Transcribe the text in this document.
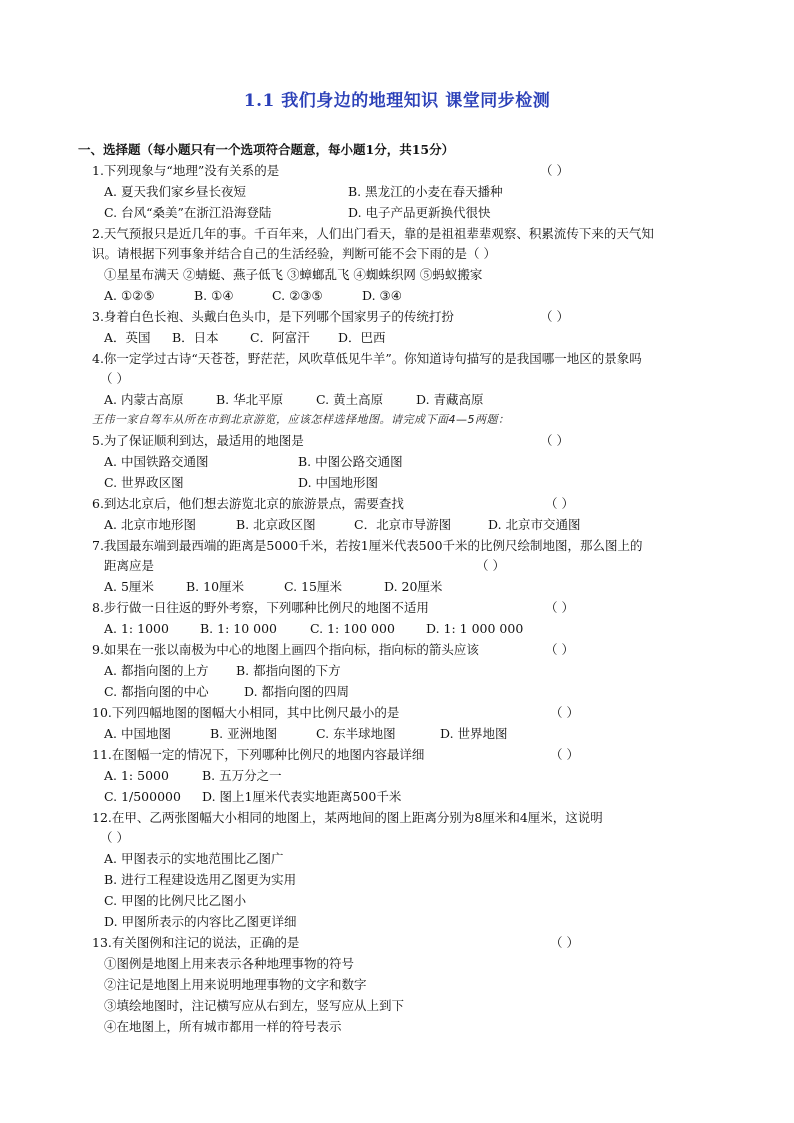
1.1 我们身边的地理知识 课堂同步检测
一、选择题（每小题只有一个选项符合题意，每小题1分，共15分）
1.下列现象与“地理”没有关系的是	（ ）
A. 夏天我们家乡昼长夜短	B. 黑龙江的小麦在春天播种
C. 台风“桑美”在浙江沿海登陆	D. 电子产品更新换代很快
2.天气预报只是近几年的事。千百年来，人们出门看天，靠的是祖祖辈辈观察、积累流传下来的天气知
识。请根据下列事象并结合自己的生活经验，判断可能不会下雨的是（ ）
①星星布满天 ②蜻蜓、燕子低飞 ③蟑螂乱飞 ④蜘蛛织网 ⑤蚂蚁搬家
A. ①②⑤	B. ①④	C. ②③⑤	D. ③④
3.身着白色长袍、头戴白色头巾，是下列哪个国家男子的传统打扮	（ ）
A．英国 B．日本	C．阿富汗 D．巴西
4.你一定学过古诗“天苍苍，野茫茫，风吹草低见牛羊”。你知道诗句描写的是我国哪一地区的景象吗
（ ）
A. 内蒙古高原	B. 华北平原	C. 黄土高原	D. 青藏高原
王伟一家自驾车从所在市到北京游览，应该怎样选择地图。请完成下面4—5两题：
5.为了保证顺利到达，最适用的地图是	（ ）
A. 中国铁路交通图	B. 中图公路交通图
C. 世界政区图	D. 中国地形图
6.到达北京后，他们想去游览北京的旅游景点，需要查找	（ ）
A. 北京市地形图	B. 北京政区图	C．北京市导游图	D. 北京市交通图
7.我国最东端到最西端的距离是5000千米，若按1厘米代表500千米的比例尺绘制地图，那么图上的
距离应是	（ ）
A. 5厘米	B. 10厘米	C. 15厘米	D. 20厘米
8.步行做一日往返的野外考察，下列哪种比例尺的地图不适用	（ ）
A. 1: 1000 B. 1: 10 000	C. 1: 100 000 D. 1: 1 000 000
9.如果在一张以南极为中心的地图上画四个指向标，指向标的箭头应该	（ ）
A. 都指向图的上方 B. 都指向图的下方
C. 都指向图的中心	D. 都指向图的四周
10.下列四幅地图的图幅大小相同，其中比例尺最小的是	（ ）
A. 中国地图	B. 亚洲地图	C. 东半球地图	D. 世界地图
11.在图幅一定的情况下，下列哪种比例尺的地图内容最详细	（ ）
A. 1: 5000	B. 五万分之一
C. 1/500000 D. 图上1厘米代表实地距离500千米
12.在甲、乙两张图幅大小相同的地图上，某两地间的图上距离分别为8厘米和4厘米，这说明
（ ）
A. 甲图表示的实地范围比乙图广
B. 进行工程建设选用乙图更为实用
C. 甲图的比例尺比乙图小
D. 甲图所表示的内容比乙图更详细
13.有关图例和注记的说法，正确的是	（ ）
①图例是地图上用来表示各种地理事物的符号
②注记是地图上用来说明地理事物的文字和数字
③填绘地图时，注记横写应从右到左，竖写应从上到下
④在地图上，所有城市都用一样的符号表示
